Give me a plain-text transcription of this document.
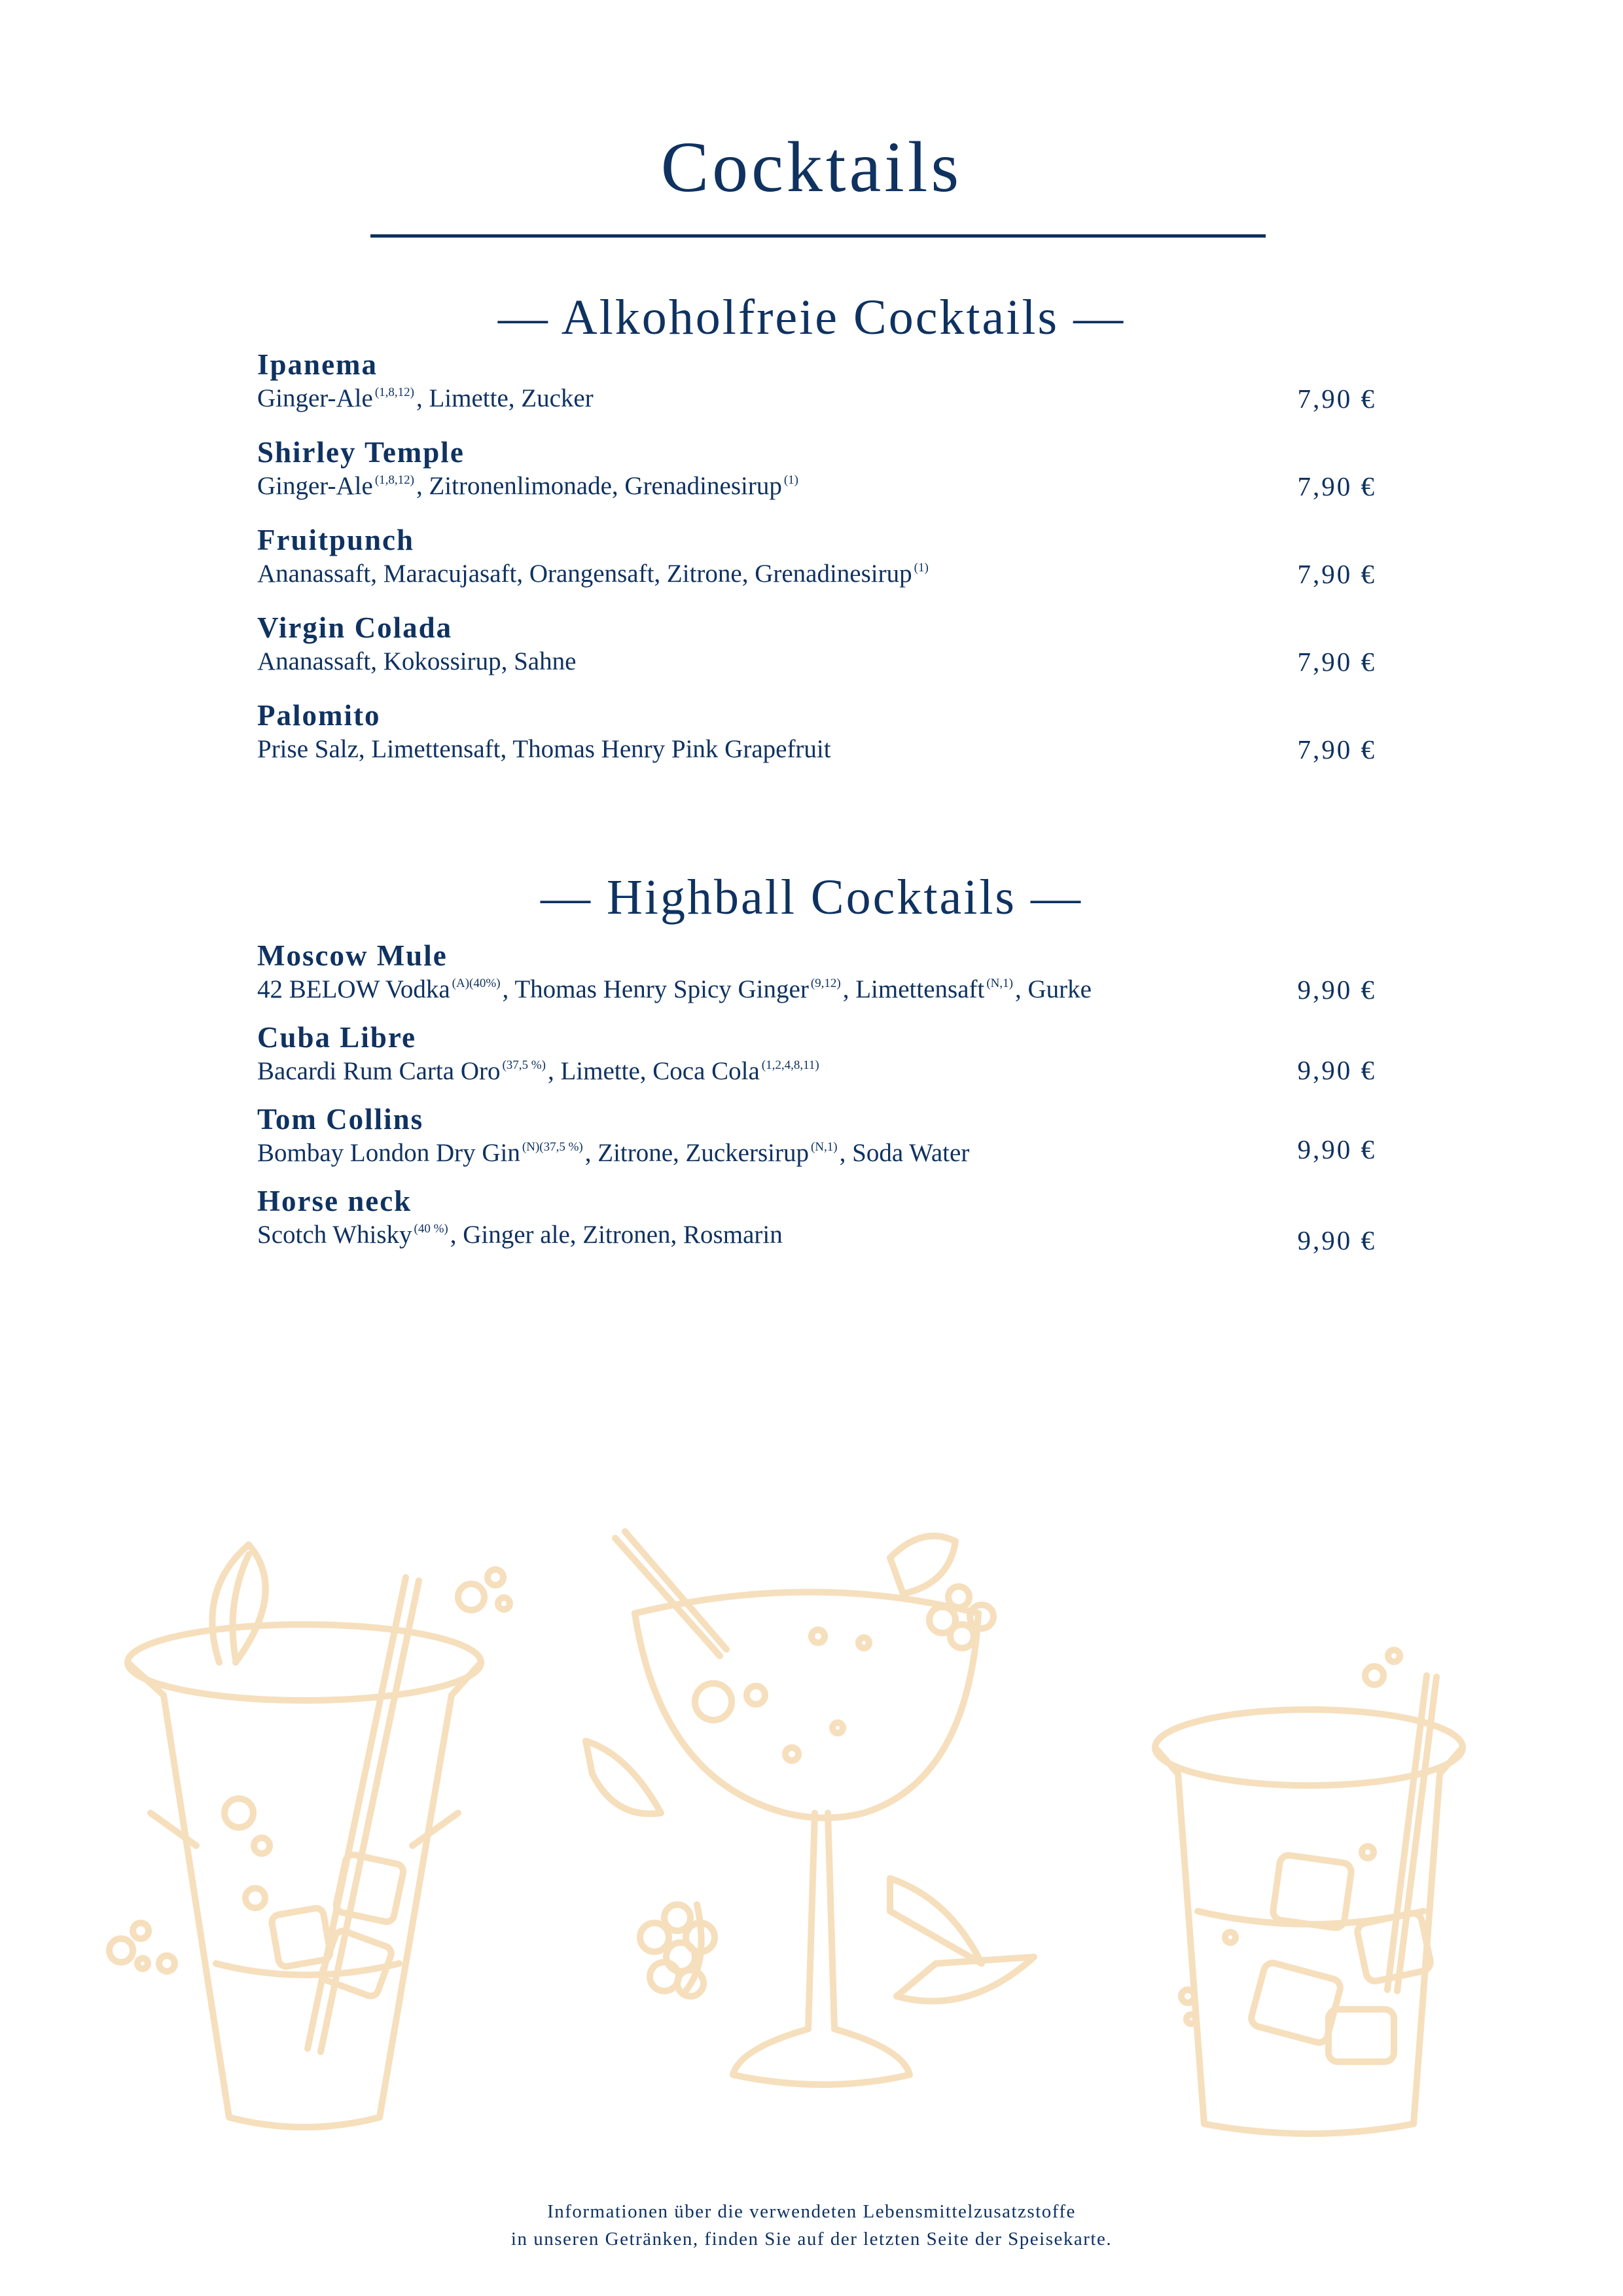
Cocktails
— Alkoholfreie Cocktails —
Ipanema
Ginger-Ale $^{(1,8,12)}$, Limette, Zucker	7,90 €
Shirley Temple
Ginger-Ale $^{(1,8,12)}$, Zitronenlimonade, Grenadinesirup $^{(1)}$	7,90 €
Fruitpunch
Ananassaft, Maracujasaft, Orangensaft, Zitrone, Grenadinesirup $^{(1)}$	7,90 €
Virgin Colada
Ananassaft, Kokossirup, Sahne	7,90 €
Palomito
Prise Salz, Limettensaft, Thomas Henry Pink Grapefruit	7,90 €
— Highball Cocktails —
Moscow Mule
42 BELOW Vodka $^{(A)(40\%)}$, Thomas Henry Spicy Ginger $^{(9,12)}$, Limettensaft $^{(N,1)}$, Gurke	9,90 €
Cuba Libre
Bacardi Rum Carta Oro $^{(37,5 \%)}$, Limette, Coca Cola $^{(1,2,4,8,11)}$	9,90 €
Tom Collins
Bombay London Dry Gin $^{(N)(37,5 \%)}$, Zitrone, Zuckersirup $^{(N,1)}$, Soda Water	9,90 €
Horse neck
Scotch Whisky $^{(40 \%)}$, Ginger ale, Zitronen, Rosmarin	9,90 €
Informationen über die verwendeten Lebensmittelzusatzstoffe
in unseren Getränken, finden Sie auf der letzten Seite der Speisekarte.
